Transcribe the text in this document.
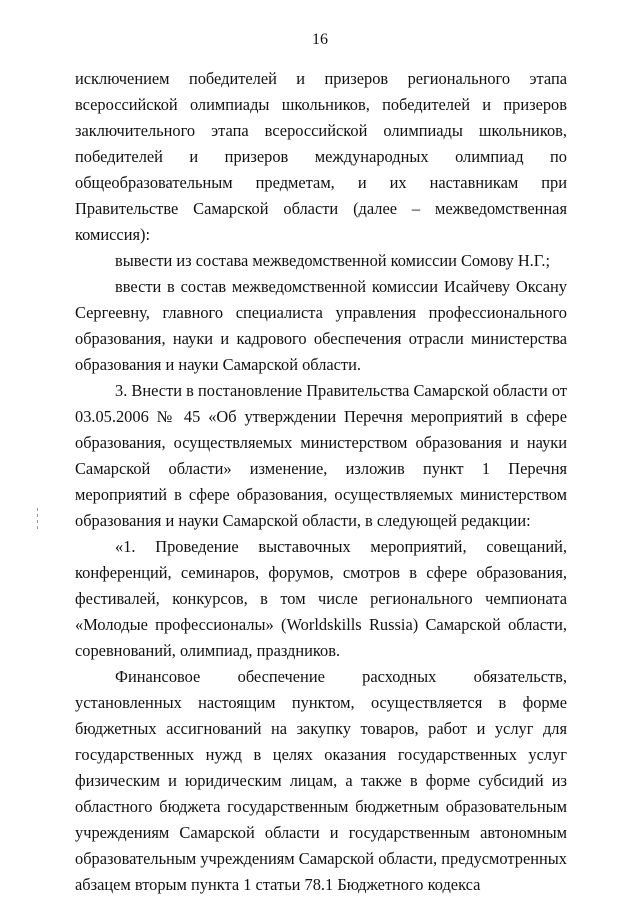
16

исключением победителей и призеров регионального этапа всероссийской олимпиады школьников, победителей и призеров заключительного этапа всероссийской олимпиады школьников, победителей и призеров международных олимпиад по общеобразовательным предметам, и их наставникам при Правительстве Самарской области (далее – межведомственная комиссия):

вывести из состава межведомственной комиссии Сомову Н.Г.;

ввести в состав межведомственной комиссии Исайчеву Оксану Сергеевну, главного специалиста управления профессионального образования, науки и кадрового обеспечения отрасли министерства образования и науки Самарской области.

3. Внести в постановление Правительства Самарской области от 03.05.2006 № 45 «Об утверждении Перечня мероприятий в сфере образования, осуществляемых министерством образования и науки Самарской области» изменение, изложив пункт 1 Перечня мероприятий в сфере образования, осуществляемых министерством образования и науки Самарской области, в следующей редакции:

«1. Проведение выставочных мероприятий, совещаний, конференций, семинаров, форумов, смотров в сфере образования, фестивалей, конкурсов, в том числе регионального чемпионата «Молодые профессионалы» (Worldskills Russia) Самарской области, соревнований, олимпиад, праздников.

Финансовое обеспечение расходных обязательств, установленных настоящим пунктом, осуществляется в форме бюджетных ассигнований на закупку товаров, работ и услуг для государственных нужд в целях оказания государственных услуг физическим и юридическим лицам, а также в форме субсидий из областного бюджета государственным бюджетным образовательным учреждениям Самарской области и государственным автономным образовательным учреждениям Самарской области, предусмотренных абзацем вторым пункта 1 статьи 78.1 Бюджетного кодекса
